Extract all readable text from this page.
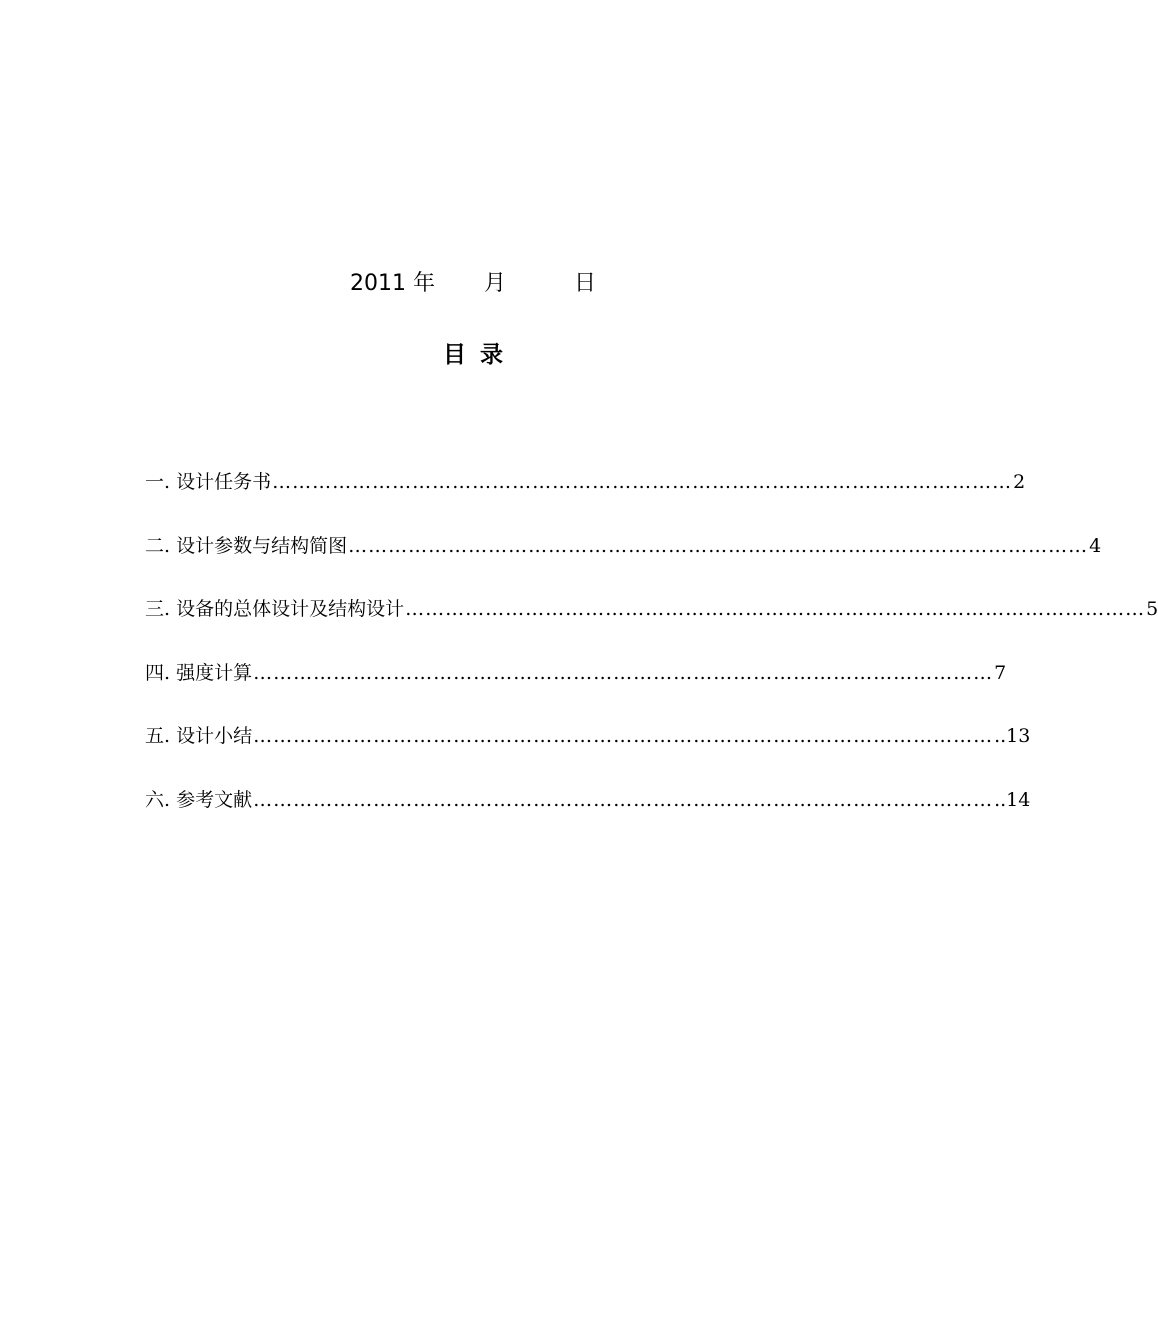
2011 年 月	日
目录
一. 设计任务书 ………………………………………………………………………………………………… 2
二. 设计参数与结构简图 ………………………………………………………………………………………………… 4
三. 设备的总体设计及结构设计 ………………………………………………………………………………………………… 5
四. 强度计算 ………………………………………………………………………………………………… 7
五. 设计小结 ………………………………………………………………………………………………… ..13
六. 参考文献 ………………………………………………………………………………………………… ..14
